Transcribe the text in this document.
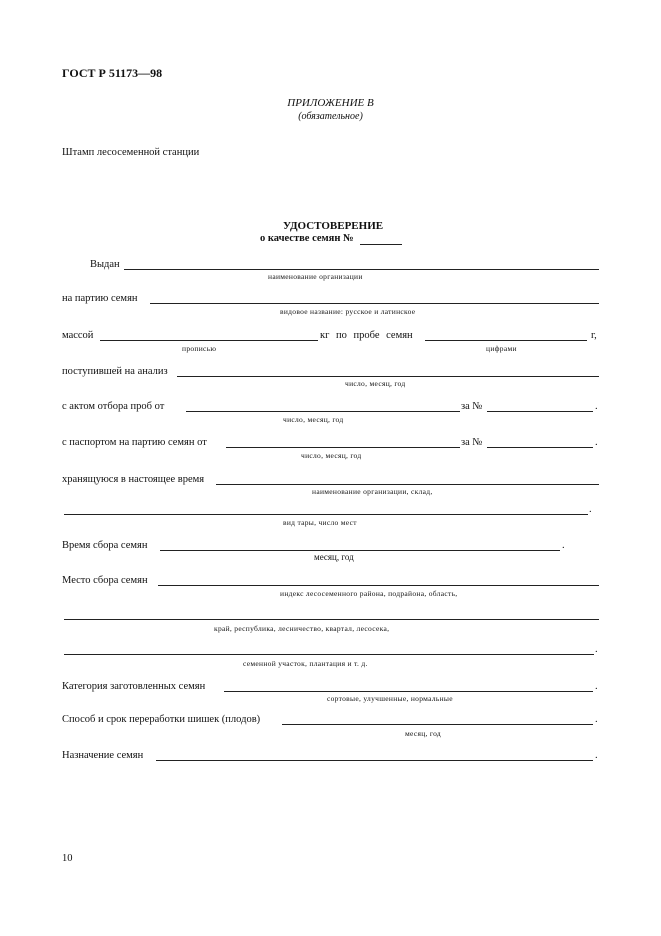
ГОСТ Р 51173—98
ПРИЛОЖЕНИЕ В
(обязательное)
Штамп лесосеменной станции
УДОСТОВЕРЕНИЕ
о качестве семян №
Выдан
наименование организации
на партию семян
видовое название: русское и латинское
массой	кг по пробе семян	г,
прописью	цифрами
поступившей на анализ
число, месяц, год
с актом отбора проб от	за №	.
число, месяц, год
с паспортом на партию семян от	за №	.
число, месяц, год
хранящуюся в настоящее время
наименование организации, склад,
.
вид тары, число мест
Время сбора семян	.
месяц, год
Место сбора семян
индекс лесосеменного района, подрайона, область,
край, республика, лесничество, квартал, лесосека,
.
семенной участок, плантация и т. д.
Категория заготовленных семян	.
сортовые, улучшенные, нормальные
Способ и срок переработки шишек (плодов)	.
месяц, год
Назначение семян	.
10
